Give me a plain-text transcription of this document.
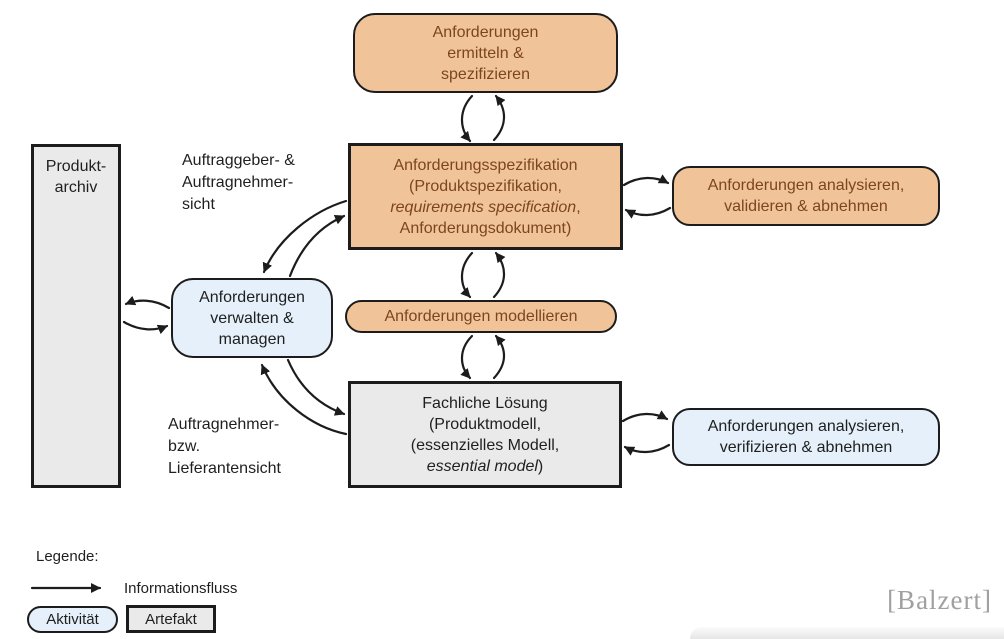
Anforderungen
ermitteln &
spezifizieren
Anforderungsspezifikation
(Produktspezifikation,
requirements specification,
Anforderungsdokument)
Anforderungen analysieren,
validieren & abnehmen
Produkt-
archiv
Auftraggeber- &
Auftragnehmer-
sicht
Anforderungen
verwalten &
managen
Anforderungen modellieren
Fachliche Lösung
(Produktmodell,
(essenzielles Modell,
essential model)
Anforderungen analysieren,
verifizieren & abnehmen
Auftragnehmer-
bzw.
Lieferantensicht
Legende:
Informationsfluss
Aktivität	Artefakt
[Balzert]
